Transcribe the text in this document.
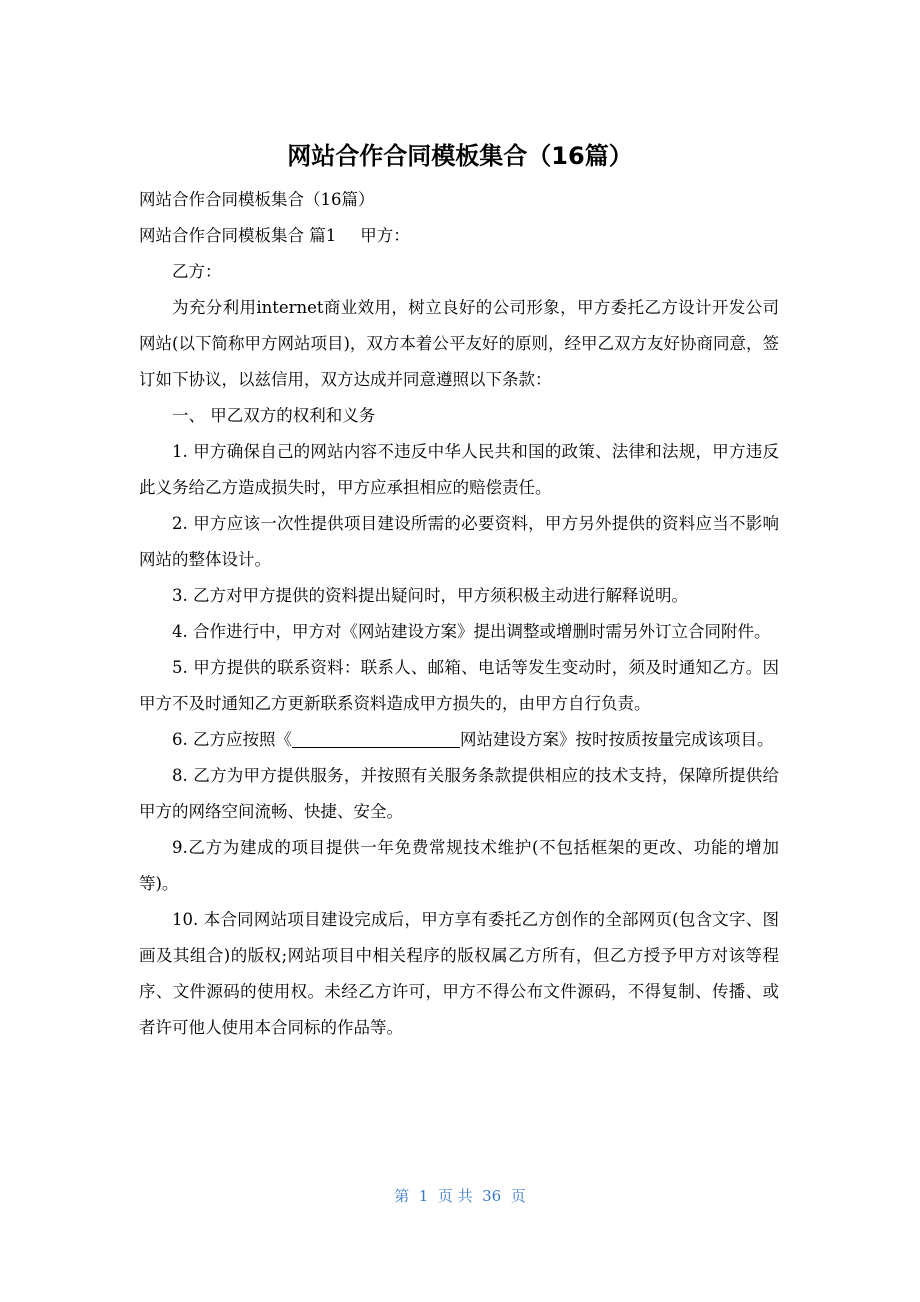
网站合作合同模板集合（16篇）

网站合作合同模板集合（16篇）

网站合作合同模板集合 篇1 甲方：

乙方：

为充分利用internet商业效用，树立良好的公司形象，甲方委托乙方设计开发公司网站(以下简称甲方网站项目)，双方本着公平友好的原则，经甲乙双方友好协商同意，签订如下协议，以兹信用，双方达成并同意遵照以下条款：

一、 甲乙双方的权利和义务

1. 甲方确保自己的网站内容不违反中华人民共和国的政策、法律和法规，甲方违反此义务给乙方造成损失时，甲方应承担相应的赔偿责任。

2. 甲方应该一次性提供项目建设所需的必要资料，甲方另外提供的资料应当不影响网站的整体设计。

3. 乙方对甲方提供的资料提出疑问时，甲方须积极主动进行解释说明。

4. 合作进行中，甲方对《网站建设方案》提出调整或增删时需另外订立合同附件。

5. 甲方提供的联系资料：联系人、邮箱、电话等发生变动时，须及时通知乙方。因甲方不及时通知乙方更新联系资料造成甲方损失的，由甲方自行负责。

6. 乙方应按照《	网站建设方案》按时按质按量完成该项目。

8. 乙方为甲方提供服务，并按照有关服务条款提供相应的技术支持，保障所提供给甲方的网络空间流畅、快捷、安全。

9.乙方为建成的项目提供一年免费常规技术维护(不包括框架的更改、功能的增加等)。

10. 本合同网站项目建设完成后，甲方享有委托乙方创作的全部网页(包含文字、图画及其组合)的版权;网站项目中相关程序的版权属乙方所有，但乙方授予甲方对该等程序、文件源码的使用权。未经乙方许可，甲方不得公布文件源码，不得复制、传播、或者许可他人使用本合同标的作品等。

第  1  页 共  36  页
